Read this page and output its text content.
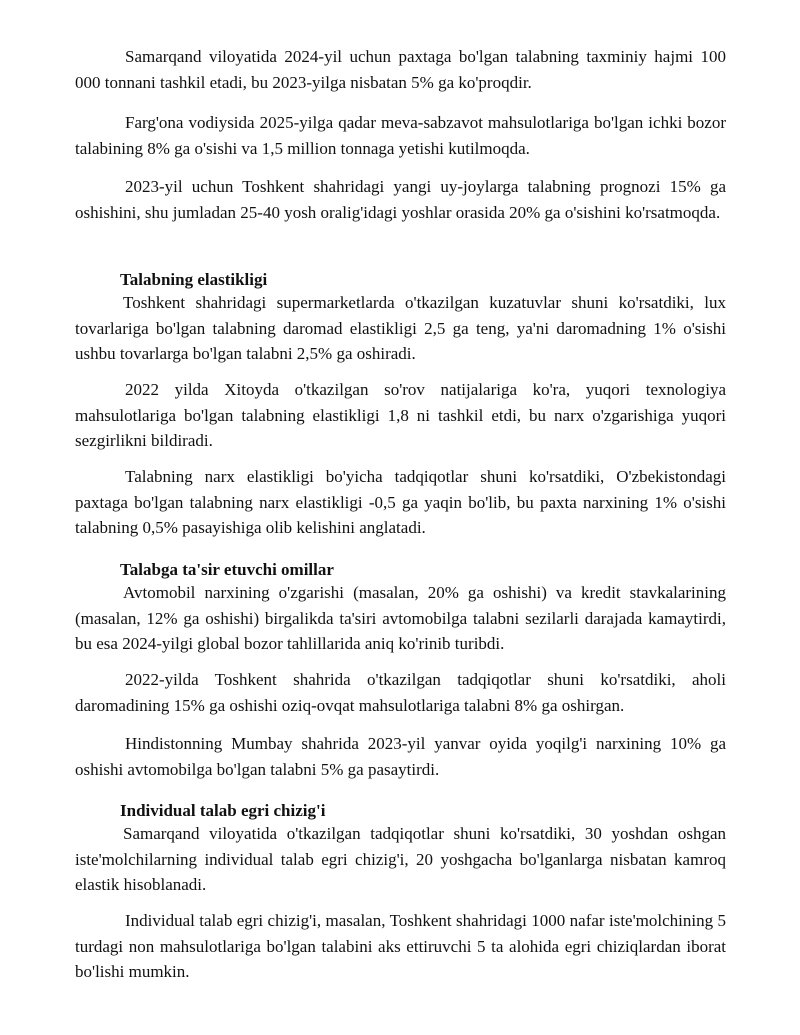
Samarqand viloyatida 2024-yil uchun paxtaga bo'lgan talabning taxminiy hajmi 100 000 tonnani tashkil etadi, bu 2023-yilga nisbatan 5% ga ko'proqdir.

Farg'ona vodiysida 2025-yilga qadar meva-sabzavot mahsulotlariga bo'lgan ichki bozor talabining 8% ga o'sishi va 1,5 million tonnaga yetishi kutilmoqda.

2023-yil uchun Toshkent shahridagi yangi uy-joylarga talabning prognozi 15% ga oshishini, shu jumladan 25-40 yosh oralig'idagi yoshlar orasida 20% ga o'sishini ko'rsatmoqda.

Talabning elastikligi

Toshkent shahridagi supermarketlarda o'tkazilgan kuzatuvlar shuni ko'rsatdiki, lux tovarlariga bo'lgan talabning daromad elastikligi 2,5 ga teng, ya'ni daromadning 1% o'sishi ushbu tovarlarga bo'lgan talabni 2,5% ga oshiradi.

2022 yilda Xitoyda o'tkazilgan so'rov natijalariga ko'ra, yuqori texnologiya mahsulotlariga bo'lgan talabning elastikligi 1,8 ni tashkil etdi, bu narx o'zgarishiga yuqori sezgirlikni bildiradi.

Talabning narx elastikligi bo'yicha tadqiqotlar shuni ko'rsatdiki, O'zbekistondagi paxtaga bo'lgan talabning narx elastikligi -0,5 ga yaqin bo'lib, bu paxta narxining 1% o'sishi talabning 0,5% pasayishiga olib kelishini anglatadi.

Talabga ta'sir etuvchi omillar

Avtomobil narxining o'zgarishi (masalan, 20% ga oshishi) va kredit stavkalarining (masalan, 12% ga oshishi) birgalikda ta'siri avtomobilga talabni sezilarli darajada kamaytirdi, bu esa 2024-yilgi global bozor tahlillarida aniq ko'rinib turibdi.

2022-yilda Toshkent shahrida o'tkazilgan tadqiqotlar shuni ko'rsatdiki, aholi daromadining 15% ga oshishi oziq-ovqat mahsulotlariga talabni 8% ga oshirgan.

Hindistonning Mumbay shahrida 2023-yil yanvar oyida yoqilg'i narxining 10% ga oshishi avtomobilga bo'lgan talabni 5% ga pasaytirdi.

Individual talab egri chizig'i

Samarqand viloyatida o'tkazilgan tadqiqotlar shuni ko'rsatdiki, 30 yoshdan oshgan iste'molchilarning individual talab egri chizig'i, 20 yoshgacha bo'lganlarga nisbatan kamroq elastik hisoblanadi.

Individual talab egri chizig'i, masalan, Toshkent shahridagi 1000 nafar iste'molchining 5 turdagi non mahsulotlariga bo'lgan talabini aks ettiruvchi 5 ta alohida egri chiziqlardan iborat bo'lishi mumkin.
